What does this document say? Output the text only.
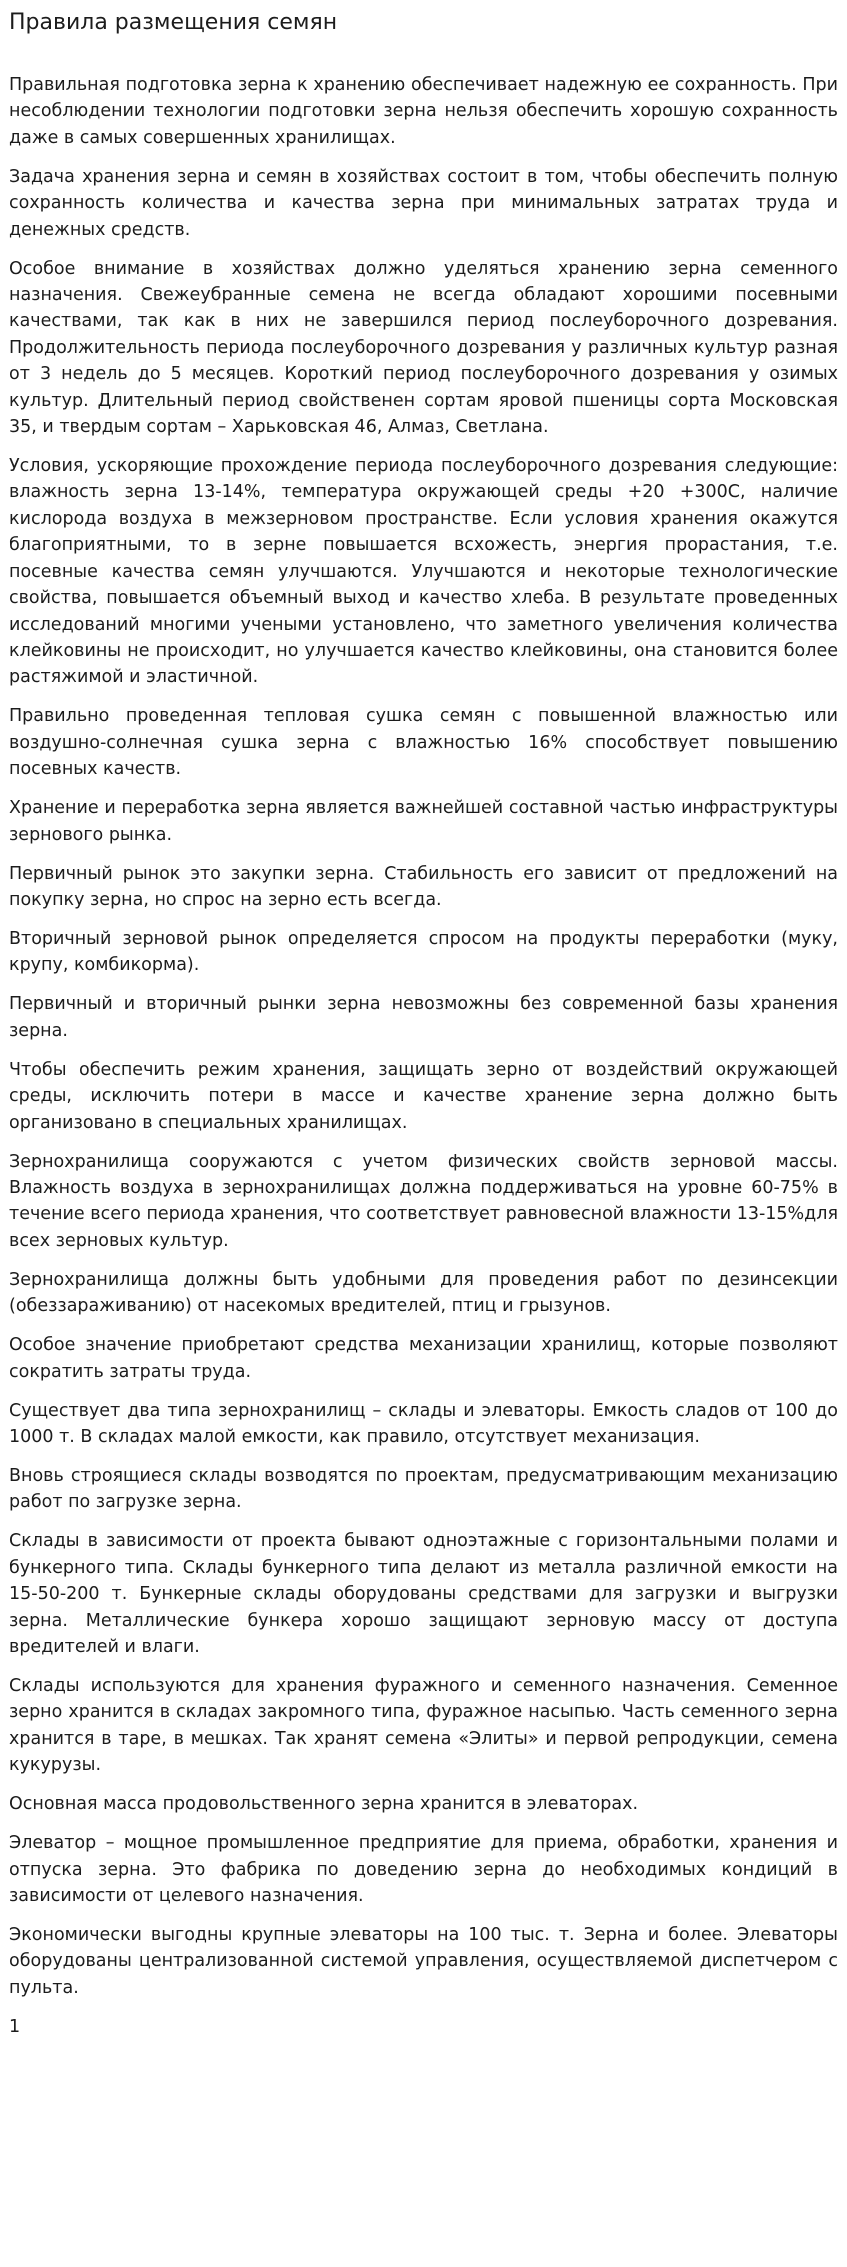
Правила размещения семян

Правильная подготовка зерна к хранению обеспечивает надежную ее сохранность. При несоблюдении технологии подготовки зерна нельзя обеспечить хорошую сохранность даже в самых совершенных хранилищах.

Задача хранения зерна и семян в хозяйствах состоит в том, чтобы обеспечить полную сохранность количества и качества зерна при минимальных затратах труда и денежных средств.

Особое внимание в хозяйствах должно уделяться хранению зерна семенного назначения. Свежеубранные семена не всегда обладают хорошими посевными качествами, так как в них не завершился период послеуборочного дозревания. Продолжительность периода послеуборочного дозревания у различных культур разная от 3 недель до 5 месяцев. Короткий период послеуборочного дозревания у озимых культур. Длительный период свойственен сортам яровой пшеницы сорта Московская 35, и твердым сортам – Харьковская 46, Алмаз, Светлана.

Условия, ускоряющие прохождение периода послеуборочного дозревания следующие: влажность зерна 13-14%, температура окружающей среды +20 +300С, наличие кислорода воздуха в межзерновом пространстве. Если условия хранения окажутся благоприятными, то в зерне повышается всхожесть, энергия прорастания, т.е. посевные качества семян улучшаются. Улучшаются и некоторые технологические свойства, повышается объемный выход и качество хлеба. В результате проведенных исследований многими учеными установлено, что заметного увеличения количества клейковины не происходит, но улучшается качество клейковины, она становится более растяжимой и эластичной.

Правильно проведенная тепловая сушка семян с повышенной влажностью или воздушно-солнечная сушка зерна с влажностью 16% способствует повышению посевных качеств.

Хранение и переработка зерна является важнейшей составной частью инфраструктуры зернового рынка.

Первичный рынок это закупки зерна. Стабильность его зависит от предложений на покупку зерна, но спрос на зерно есть всегда.

Вторичный зерновой рынок определяется спросом на продукты переработки (муку, крупу, комбикорма).

Первичный и вторичный рынки зерна невозможны без современной базы хранения зерна.

Чтобы обеспечить режим хранения, защищать зерно от воздействий окружающей среды, исключить потери в массе и качестве хранение зерна должно быть организовано в специальных хранилищах.

Зернохранилища сооружаются с учетом физических свойств зерновой массы. Влажность воздуха в зернохранилищах должна поддерживаться на уровне 60-75% в течение всего периода хранения, что соответствует равновесной влажности 13-15%для всех зерновых культур.

Зернохранилища должны быть удобными для проведения работ по дезинсекции (обеззараживанию) от насекомых вредителей, птиц и грызунов.

Особое значение приобретают средства механизации хранилищ, которые позволяют сократить затраты труда.

Существует два типа зернохранилищ – склады и элеваторы. Емкость сладов от 100 до 1000 т. В складах малой емкости, как правило, отсутствует механизация.

Вновь строящиеся склады возводятся по проектам, предусматривающим механизацию работ по загрузке зерна.

Склады в зависимости от проекта бывают одноэтажные с горизонтальными полами и бункерного типа. Склады бункерного типа делают из металла различной емкости на 15-50-200 т. Бункерные склады оборудованы средствами для загрузки и выгрузки зерна. Металлические бункера хорошо защищают зерновую массу от доступа вредителей и влаги.

Склады используются для хранения фуражного и семенного назначения. Семенное зерно хранится в складах закромного типа, фуражное насыпью. Часть семенного зерна хранится в таре, в мешках. Так хранят семена «Элиты» и первой репродукции, семена кукурузы.

Основная масса продовольственного зерна хранится в элеваторах.

Элеватор – мощное промышленное предприятие для приема, обработки, хранения и отпуска зерна. Это фабрика по доведению зерна до необходимых кондиций в зависимости от целевого назначения.

Экономически выгодны крупные элеваторы на 100 тыс. т. Зерна и более. Элеваторы оборудованы централизованной системой управления, осуществляемой диспетчером с пульта.

1
